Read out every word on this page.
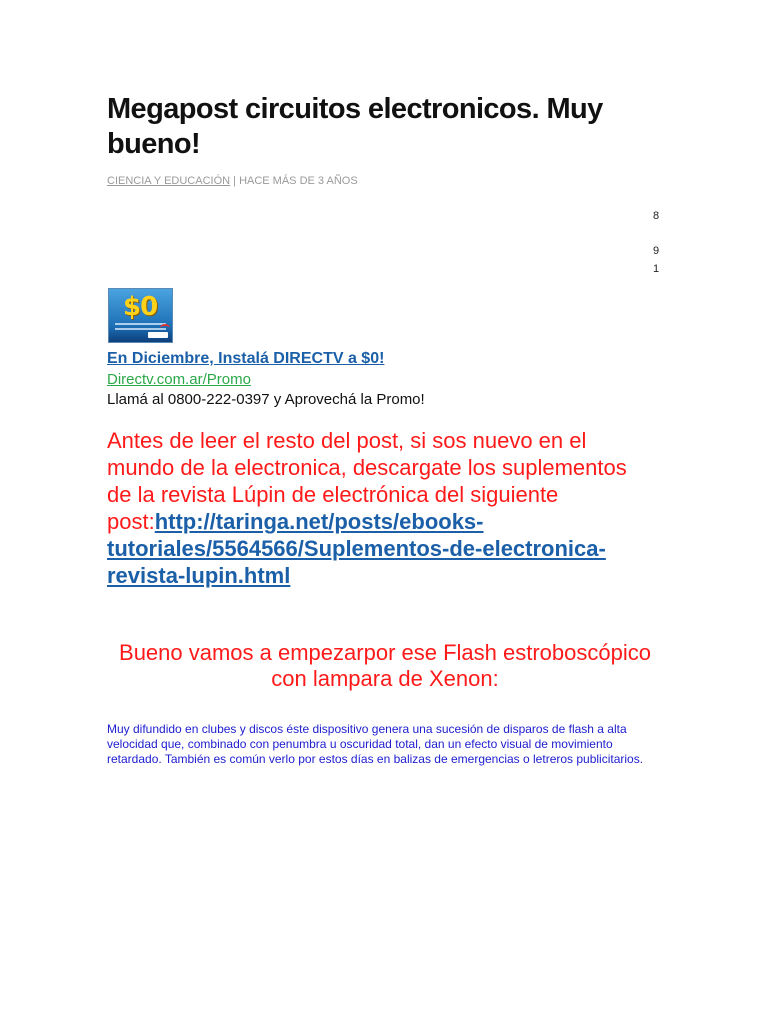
Megapost circuitos electronicos. Muy bueno!
CIENCIA Y EDUCACIÓN | HACE MÁS DE 3 AÑOS
8
9
1
$0
En Diciembre, Instalá DIRECTV a $0!
Directv.com.ar/Promo
Llamá al 0800-222-0397 y Aprovechá la Promo!

Antes de leer el resto del post, si sos nuevo en el mundo de la electronica, descargate los suplementos de la revista Lúpin de electrónica del siguiente post:http://taringa.net/posts/ebooks-tutoriales/5564566/Suplementos-de-electronica-revista-lupin.html

Bueno vamos a empezarpor ese Flash estroboscópico con lampara de Xenon:

Muy difundido en clubes y discos éste dispositivo genera una sucesión de disparos de flash a alta velocidad que, combinado con penumbra u oscuridad total, dan un efecto visual de movimiento retardado. También es común verlo por estos días en balizas de emergencias o letreros publicitarios.
